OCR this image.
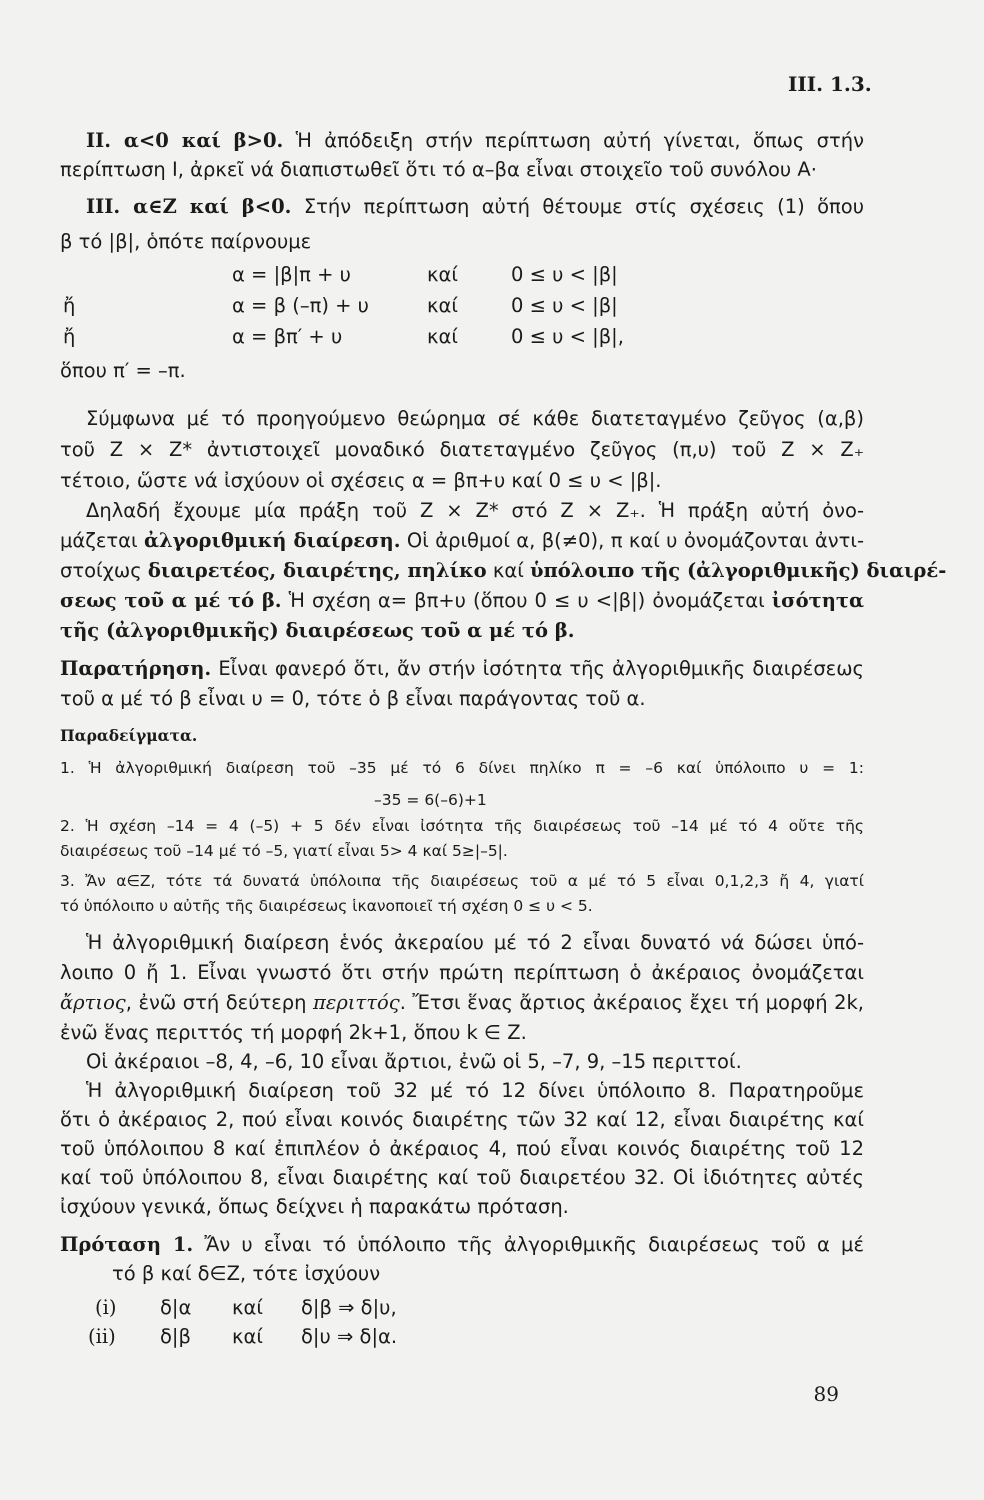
ΙΙΙ. 1.3.
ΙΙ. α<0 καί β>0. Ἡ ἀπόδειξη στήν περίπτωση αὐτή γίνεται, ὅπως στήν
περίπτωση Ι, ἀρκεῖ νά διαπιστωθεῖ ὅτι τό α–βα εἶναι στοιχεῖο τοῦ συνόλου Α·
ΙΙΙ. α∈Ζ καί β<0. Στήν περίπτωση αὐτή θέτουμε στίς σχέσεις (1) ὅπου
β τό |β|, ὁπότε παίρνουμε
α = |β|π + υ	καί	0 ≤ υ < |β|
ἤ	α = β (–π) + υ	καί	0 ≤ υ < |β|
ἤ	α = βπ′ + υ	καί	0 ≤ υ < |β|,
ὅπου π′ = –π.
Σύμφωνα μέ τό προηγούμενο θεώρημα σέ κάθε διατεταγμένο ζεῦγος (α,β)
τοῦ Ζ × Ζ* ἀντιστοιχεῖ μοναδικό διατεταγμένο ζεῦγος (π,υ) τοῦ Ζ × Ζ₊
τέτοιο, ὥστε νά ἰσχύουν οἱ σχέσεις α = βπ+υ καί 0 ≤ υ < |β|.
Δηλαδή ἔχουμε μία πράξη τοῦ Ζ × Ζ* στό Ζ × Ζ₊. Ἡ πράξη αὐτή ὀνο-
μάζεται ἀλγοριθμική διαίρεση. Οἱ ἀριθμοί α, β(≠0), π καί υ ὀνομάζονται ἀντι-
στοίχως διαιρετέος, διαιρέτης, πηλίκο καί ὑπόλοιπο τῆς (ἀλγοριθμικῆς) διαιρέ-
σεως τοῦ α μέ τό β. Ἡ σχέση α= βπ+υ (ὅπου 0 ≤ υ <|β|) ὀνομάζεται ἰσότητα
τῆς (ἀλγοριθμικῆς) διαιρέσεως τοῦ α μέ τό β.
Παρατήρηση. Εἶναι φανερό ὅτι, ἄν στήν ἰσότητα τῆς ἀλγοριθμικῆς διαιρέσεως
τοῦ α μέ τό β εἶναι υ = 0, τότε ὁ β εἶναι παράγοντας τοῦ α.
Παραδείγματα.
1. Ἡ ἀλγοριθμική διαίρεση τοῦ –35 μέ τό 6 δίνει πηλίκο π = –6 καί ὑπόλοιπο υ = 1:
–35 = 6(–6)+1
2. Ἡ σχέση –14 = 4 (–5) + 5 δέν εἶναι ἰσότητα τῆς διαιρέσεως τοῦ –14 μέ τό 4 οὔτε τῆς
διαιρέσεως τοῦ –14 μέ τό –5, γιατί εἶναι 5> 4 καί 5≥|–5|.
3. Ἄν α∈Ζ, τότε τά δυνατά ὑπόλοιπα τῆς διαιρέσεως τοῦ α μέ τό 5 εἶναι 0,1,2,3 ἤ 4, γιατί
τό ὑπόλοιπο υ αὐτῆς τῆς διαιρέσεως ἱκανοποιεῖ τή σχέση 0 ≤ υ < 5.
Ἡ ἀλγοριθμική διαίρεση ἑνός ἀκεραίου μέ τό 2 εἶναι δυνατό νά δώσει ὑπό-
λοιπο 0 ἤ 1. Εἶναι γνωστό ὅτι στήν πρώτη περίπτωση ὁ ἀκέραιος ὀνομάζεται
ἄρτιος, ἐνῶ στή δεύτερη περιττός. Ἔτσι ἕνας ἄρτιος ἀκέραιος ἔχει τή μορφή 2k,
ἐνῶ ἕνας περιττός τή μορφή 2k+1, ὅπου k ∈ Ζ.
Οἱ ἀκέραιοι –8, 4, –6, 10 εἶναι ἄρτιοι, ἐνῶ οἱ 5, –7, 9, –15 περιττοί.
Ἡ ἀλγοριθμική διαίρεση τοῦ 32 μέ τό 12 δίνει ὑπόλοιπο 8. Παρατηροῦμε
ὅτι ὁ ἀκέραιος 2, πού εἶναι κοινός διαιρέτης τῶν 32 καί 12, εἶναι διαιρέτης καί
τοῦ ὑπόλοιπου 8 καί ἐπιπλέον ὁ ἀκέραιος 4, πού εἶναι κοινός διαιρέτης τοῦ 12
καί τοῦ ὑπόλοιπου 8, εἶναι διαιρέτης καί τοῦ διαιρετέου 32. Οἱ ἰδιότητες αὐτές
ἰσχύουν γενικά, ὅπως δείχνει ἡ παρακάτω πρόταση.
Πρόταση 1. Ἄν υ εἶναι τό ὑπόλοιπο τῆς ἀλγοριθμικῆς διαιρέσεως τοῦ α μέ
τό β καί δ∈Ζ, τότε ἰσχύουν
(i) δ|α καί δ|β ⇒ δ|υ,
(ii) δ|β καί δ|υ ⇒ δ|α.
89
